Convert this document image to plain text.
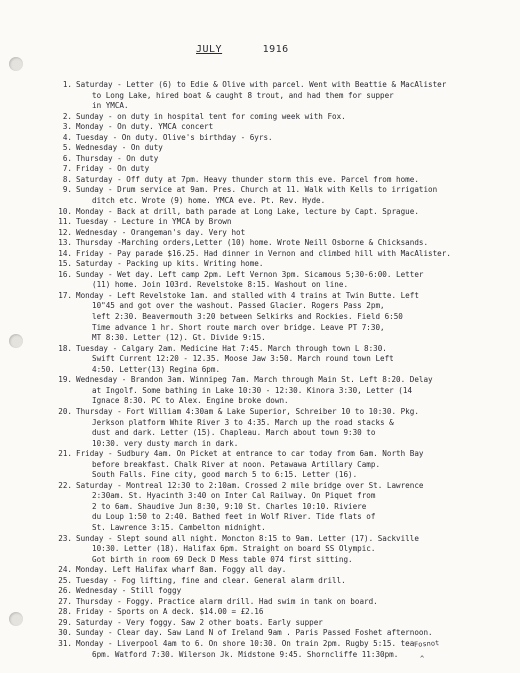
JULY	1916
1. Saturday - Letter (6) to Edie & Olive with parcel. Went with Beattie & MacAlister
to Long Lake, hired boat & caught 8 trout, and had them for supper
in YMCA.
2. Sunday - on duty in hospital tent for coming week with Fox.
3. Monday - On duty. YMCA concert
4. Tuesday - On duty. Olive's birthday - 6yrs.
5. Wednesday - On duty
6. Thursday - On duty
7. Friday - On duty
8. Saturday - Off duty at 7pm. Heavy thunder storm this eve. Parcel from home.
9. Sunday - Drum service at 9am. Pres. Church at 11. Walk with Kells to irrigation
ditch etc. Wrote (9) home. YMCA eve. Pt. Rev. Hyde.
10. Monday - Back at drill, bath parade at Long Lake, lecture by Capt. Sprague.
11. Tuesday - Lecture in YMCA by Brown
12. Wednesday - Orangeman's day. Very hot
13. Thursday -Marching orders,Letter (10) home. Wrote Neill Osborne & Chicksands.
14. Friday - Pay parade $16.25. Had dinner in Vernon and climbed hill with MacAlister.
15. Saturday - Packing up kits. Writing home.
16. Sunday - Wet day. Left camp 2pm. Left Vernon 3pm. Sicamous 5;30-6:00. Letter
(11) home. Join 103rd. Revelstoke 8:15. Washout on line.
17. Monday - Left Revelstoke 1am. and stalled with 4 trains at Twin Butte. Left
10"45 and got over the washout. Passed Glacier. Rogers Pass 2pm,
left 2:30. Beavermouth 3:20 between Selkirks and Rockies. Field 6:50
Time advance 1 hr. Short route march over bridge. Leave PT 7:30,
MT 8:30. Letter (12). Gt. Divide 9:15.
18. Tuesday - Calgary 2am. Medicine Hat 7:45. March through town L 8:30.
Swift Current 12:20 - 12.35. Moose Jaw 3:50. March round town Left
4:50. Letter(13) Regina 6pm.
19. Wednesday - Brandon 3am. Winnipeg 7am. March through Main St. Left 8:20. Delay
at Ingolf. Some bathing in Lake 10:30 - 12:30. Kinora 3:30, Letter (14
Ignace 8:30. PC to Alex. Engine broke down.
20. Thursday - Fort William 4:30am & Lake Superior, Schreiber 10 to 10:30. Pkg.
Jerkson platform White River 3 to 4:35. March up the road stacks &
dust and dark. Letter (15). Chapleau. March about town 9:30 to
10:30. very dusty march in dark.
21. Friday - Sudbury 4am. On Picket at entrance to car today from 6am. North Bay
before breakfast. Chalk River at noon. Petawawa Artillary Camp.
South Falls. Fine city, good march 5 to 6:15. Letter (16).
22. Saturday - Montreal 12:30 to 2:10am. Crossed 2 mile bridge over St. Lawrence
2:30am. St. Hyacinth 3:40 on Inter Cal Railway. On Piquet from
2 to 6am. Shaudive Jun 8:30, 9:10 St. Charles 10:10. Riviere
du Loup 1:50 to 2:40. Bathed feet in Wolf River. Tide flats of
St. Lawrence 3:15. Cambelton midnight.
23. Sunday - Slept sound all night. Moncton 8:15 to 9am. Letter (17). Sackville
10:30. Letter (18). Halifax 6pm. Straight on board SS Olympic.
Got birth in room 69 Deck D Mess table 074 first sitting.
24. Monday. Left Halifax wharf 8am. Foggy all day.
25. Tuesday - Fog lifting, fine and clear. General alarm drill.
26. Wednesday - Still foggy
27. Thursday - Foggy. Practice alarm drill. Had swim in tank on board.
28. Friday - Sports on A deck. $14.00 = £2.16
29. Saturday - Very foggy. Saw 2 other boats. Early supper
30. Sunday - Clear day. Saw Land N of Ireland 9am . Paris Passed Foshet afternoon.
31. Monday - Liverpool 4am to 6. On shore 10:30. On train 2pm. Rugby 5:15. tea
6pm. Watford 7:30. Wilerson Jk. Midstone 9:45. Shorncliffe 11:30pm.
Fosnot
^
